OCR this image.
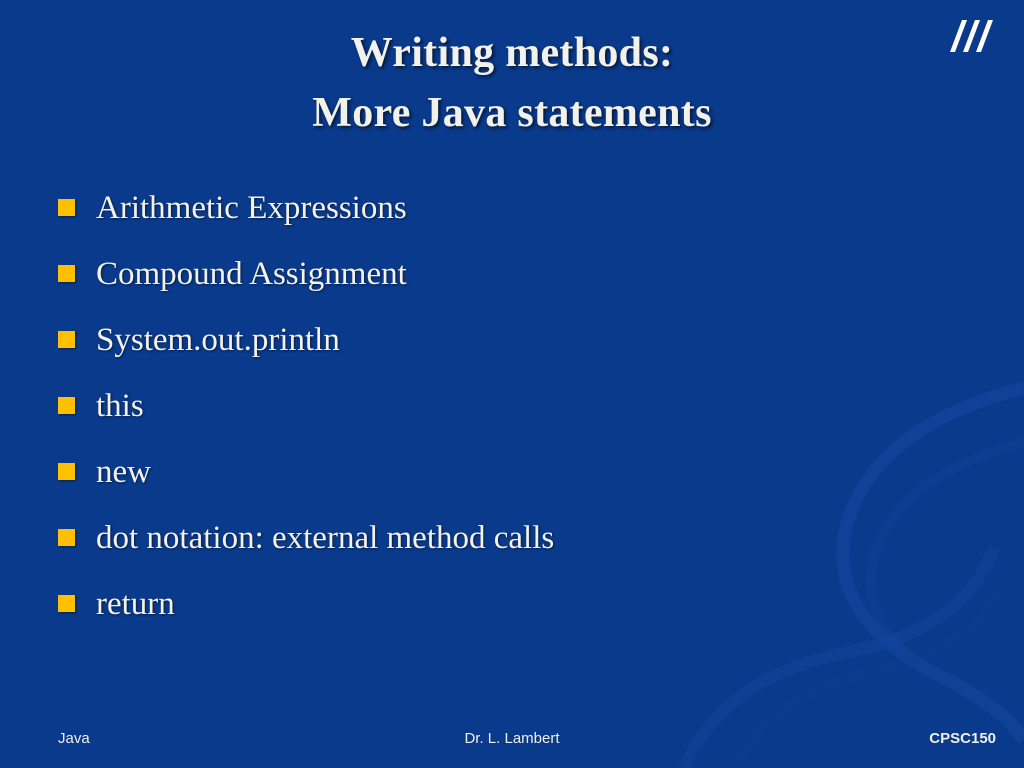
Writing methods:
More Java statements
Arithmetic Expressions
Compound Assignment
System.out.println
this
new
dot notation: external method calls
return
Java	Dr. L. Lambert	CPSC150
